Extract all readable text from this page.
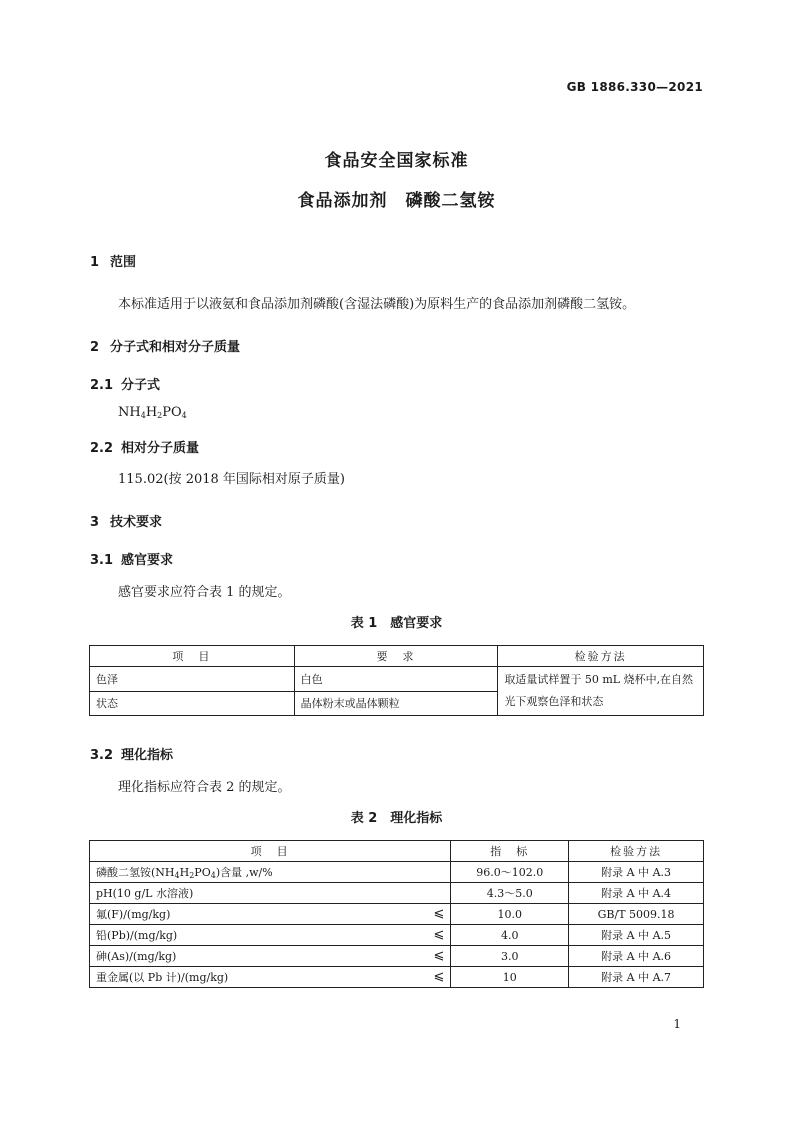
GB 1886.330—2021
食品安全国家标准
食品添加剂　磷酸二氢铵
1 范围
本标准适用于以液氨和食品添加剂磷酸(含湿法磷酸)为原料生产的食品添加剂磷酸二氢铵。
2 分子式和相对分子质量
2.1 分子式
$NH_4H_2PO_4$
2.2 相对分子质量
115.02(按 2018 年国际相对原子质量)
3 技术要求
3.1 感官要求
感官要求应符合表 1 的规定。
表 1　感官要求
项　目	要　求	检验方法
色泽	白色	取适量试样置于 50 mL 烧杯中,在自然光下观察色泽和状态
状态	晶体粉末或晶体颗粒	
3.2 理化指标
理化指标应符合表 2 的规定。
表 2　理化指标
项　目	指　标	检验方法
磷酸二氢铵$(NH_4H_2PO_4)$含量 ,w/%	96.0～102.0	附录 A 中 A.3
pH(10 g/L 水溶液)	4.3～5.0	附录 A 中 A.4
氟(F)/(mg/kg) ⩽	10.0	GB/T 5009.18
铅(Pb)/(mg/kg) ⩽	4.0	附录 A 中 A.5
砷(As)/(mg/kg) ⩽	3.0	附录 A 中 A.6
重金属(以 Pb 计)/(mg/kg) ⩽	10	附录 A 中 A.7
1
